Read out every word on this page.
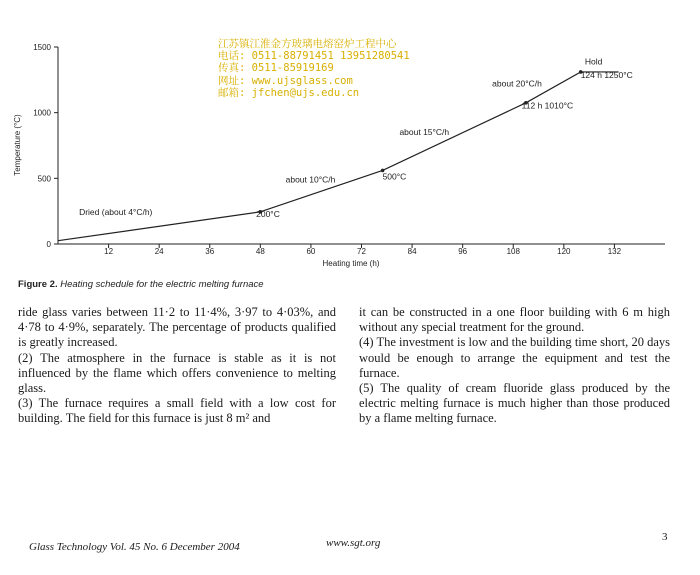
0
500
1000
1500
12	24	36	48	60	72	84	96	108	120	132
Dried (about 4°C/h)	200°C
about 10°C/h	500°C
about 15°C/h
about 20°C/h
112 h 1010°C
Hold
124 h 1250°C
Heating time (h)
Temperature (°C)
江苏镇江淮金方玻璃电熔窑炉工程中心
电话: 0511-88791451 13951280541
传真: 0511-85919169
网址: www.ujsglass.com
邮箱: jfchen@ujs.edu.cn
Figure 2. Heating schedule for the electric melting furnace

ride glass varies between 11·2 to 11·4%, 3·97 to 4·03%, and 4·78 to 4·9%, separately. The percentage of products qualified is greatly increased.

(2) The atmosphere in the furnace is stable as it is not influenced by the flame which offers convenience to melting glass.

(3) The furnace requires a small field with a low cost for building. The field for this furnace is just 8 m² and

it can be constructed in a one floor building with 6 m high without any special treatment for the ground.

(4) The investment is low and the building time short, 20 days would be enough to arrange the equipment and test the furnace.

(5) The quality of cream fluoride glass produced by the electric melting furnace is much higher than those produced by a flame melting furnace.

Glass Technology Vol. 45 No. 6 December 2004	www.sgt.org	3
